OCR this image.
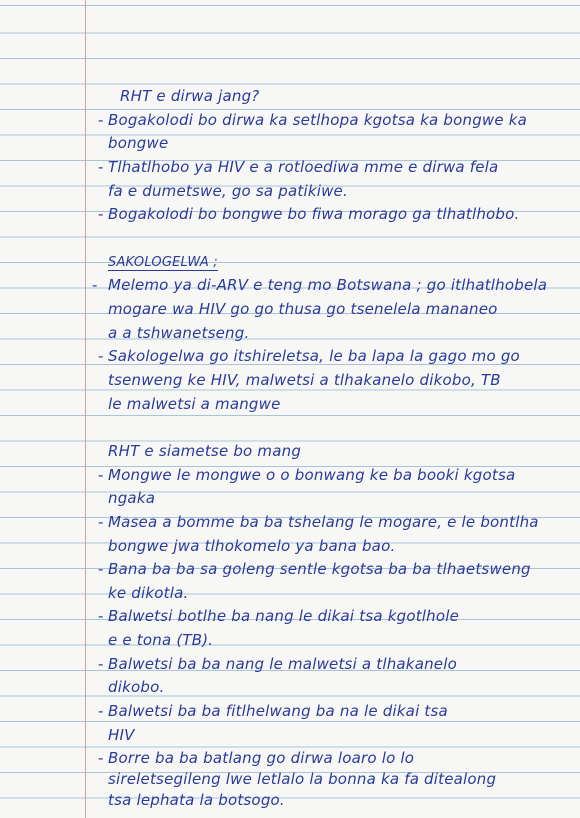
RHT e dirwa jang?
- Bogakolodi bo dirwa ka setlhopa kgotsa ka bongwe ka
bongwe
- Tlhatlhobo ya HIV e a rotloediwa mme e dirwa fela
fa e dumetswe, go sa patikiwe.
- Bogakolodi bo bongwe bo fiwa morago ga tlhatlhobo.
SAKOLOGELWA ;
- Melemo ya di-ARV e teng mo Botswana ; go itlhatlhobela
mogare wa HIV go go thusa go tsenelela mananeo
a a tshwanetseng.
- Sakologelwa go itshireletsa, le ba lapa la gago mo go
tsenweng ke HIV, malwetsi a tlhakanelo dikobo, TB
le malwetsi a mangwe
RHT e siametse bo mang
- Mongwe le mongwe o o bonwang ke ba booki kgotsa
ngaka
- Masea a bomme ba ba tshelang le mogare, e le bontlha
bongwe jwa tlhokomelo ya bana bao.
- Bana ba ba sa goleng sentle kgotsa ba ba tlhaetsweng
ke dikotla.
- Balwetsi botlhe ba nang le dikai tsa kgotlhole
e e tona (TB).
- Balwetsi ba ba nang le malwetsi a tlhakanelo
dikobo.
- Balwetsi ba ba fitlhelwang ba na le dikai tsa
HIV
- Borre ba ba batlang go dirwa loaro lo lo
sireletsegileng lwe letlalo la bonna ka fa ditealong
tsa lephata la botsogo.
